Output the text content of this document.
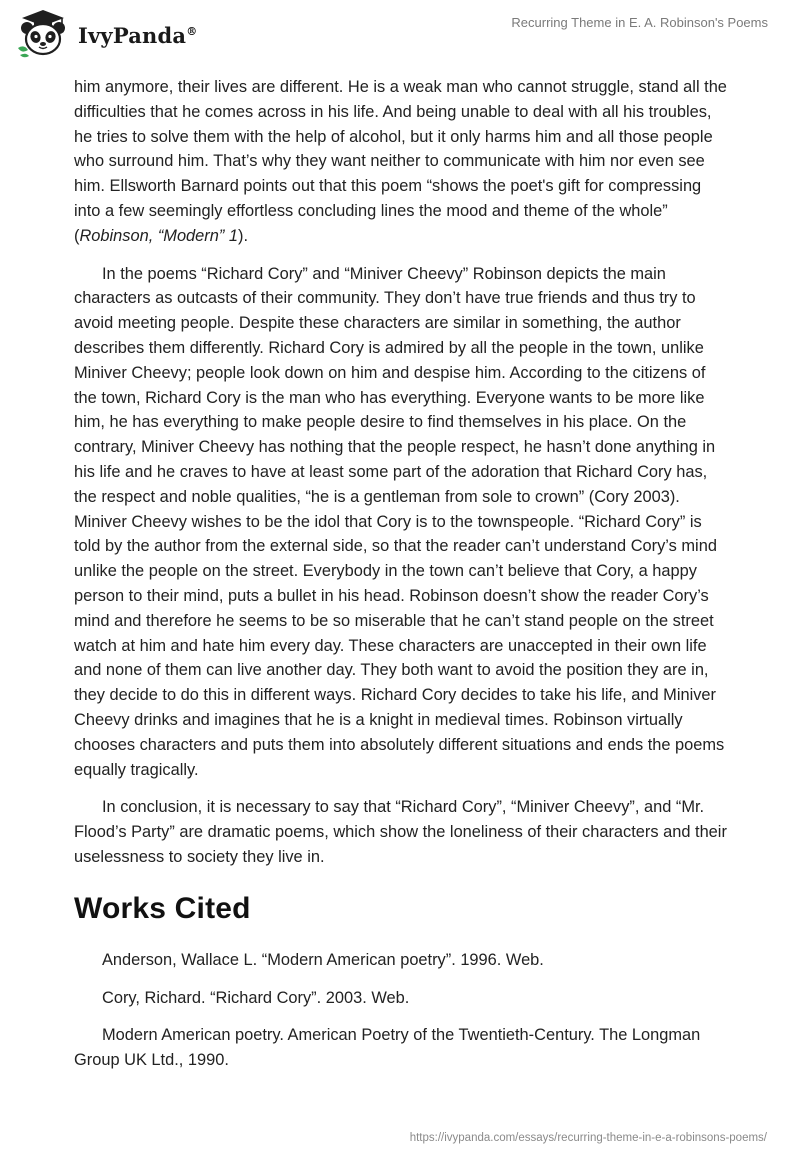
IvyPanda®
Recurring Theme in E. A. Robinson's Poems

him anymore, their lives are different. He is a weak man who cannot struggle, stand all the difficulties that he comes across in his life. And being unable to deal with all his troubles, he tries to solve them with the help of alcohol, but it only harms him and all those people who surround him. That’s why they want neither to communicate with him nor even see him. Ellsworth Barnard points out that this poem “shows the poet's gift for compressing into a few seemingly effortless concluding lines the mood and theme of the whole” (Robinson, “Modern” 1).

In the poems “Richard Cory” and “Miniver Cheevy” Robinson depicts the main characters as outcasts of their community. They don’t have true friends and thus try to avoid meeting people. Despite these characters are similar in something, the author describes them differently. Richard Cory is admired by all the people in the town, unlike Miniver Cheevy; people look down on him and despise him. According to the citizens of the town, Richard Cory is the man who has everything. Everyone wants to be more like him, he has everything to make people desire to find themselves in his place. On the contrary, Miniver Cheevy has nothing that the people respect, he hasn’t done anything in his life and he craves to have at least some part of the adoration that Richard Cory has, the respect and noble qualities, “he is a gentleman from sole to crown” (Cory 2003). Miniver Cheevy wishes to be the idol that Cory is to the townspeople. “Richard Cory” is told by the author from the external side, so that the reader can’t understand Cory’s mind unlike the people on the street. Everybody in the town can’t believe that Cory, a happy person to their mind, puts a bullet in his head. Robinson doesn’t show the reader Cory’s mind and therefore he seems to be so miserable that he can’t stand people on the street watch at him and hate him every day. These characters are unaccepted in their own life and none of them can live another day. They both want to avoid the position they are in, they decide to do this in different ways. Richard Cory decides to take his life, and Miniver Cheevy drinks and imagines that he is a knight in medieval times. Robinson virtually chooses characters and puts them into absolutely different situations and ends the poems equally tragically.

In conclusion, it is necessary to say that “Richard Cory”, “Miniver Cheevy”, and “Mr. Flood’s Party” are dramatic poems, which show the loneliness of their characters and their uselessness to society they live in.

Works Cited

Anderson, Wallace L. “Modern American poetry”. 1996. Web.

Cory, Richard. “Richard Cory”. 2003. Web.

Modern American poetry. American Poetry of the Twentieth-Century. The Longman Group UK Ltd., 1990.

https://ivypanda.com/essays/recurring-theme-in-e-a-robinsons-poems/
